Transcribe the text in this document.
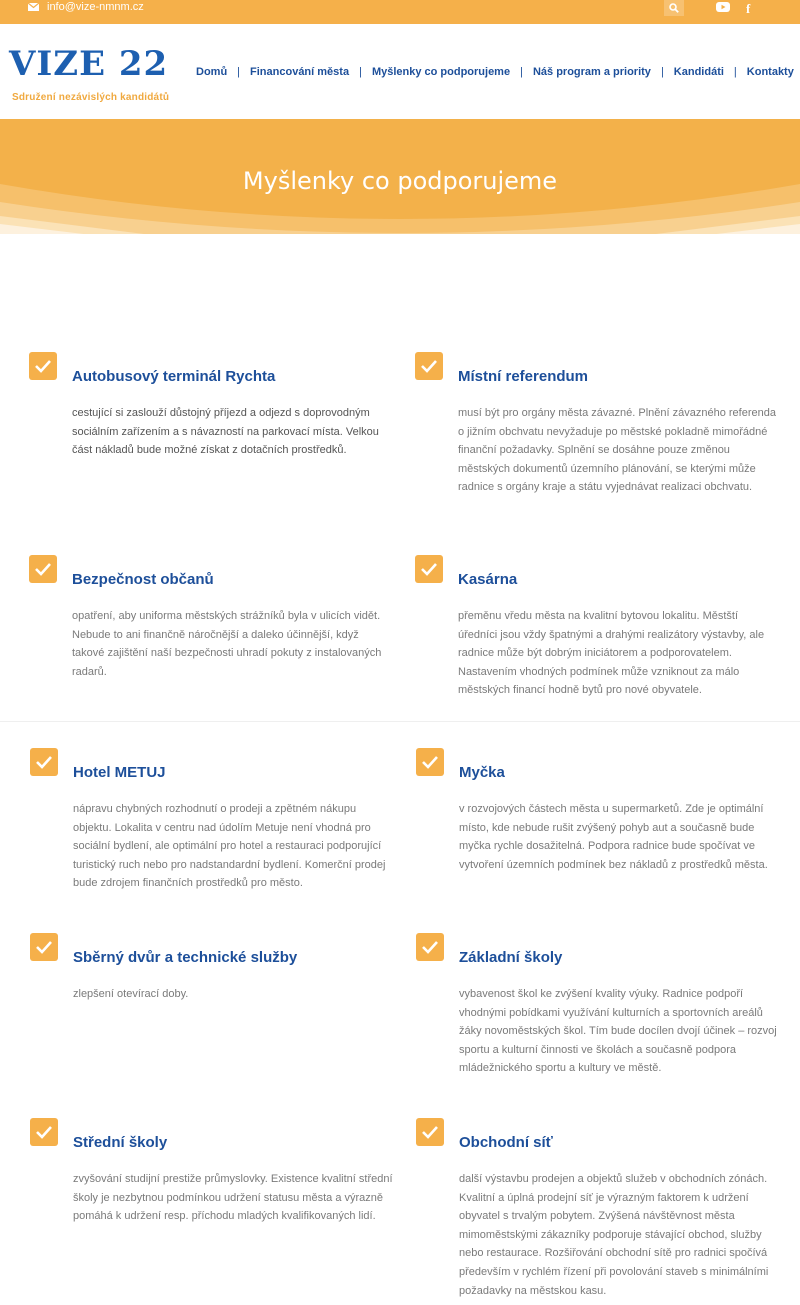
info@vize-nmnm.cz	f
VIZE 22
Sdružení nezávislých kandidátů
Domů | Financování města | Myšlenky co podporujeme | Náš program a priority | Kandidáti | Kontakty
Myšlenky co podporujeme
Autobusový terminál Rychta

cestující si zaslouží důstojný příjezd a odjezd s doprovodným sociálním zařízením a s návazností na parkovací místa. Velkou část nákladů bude možné získat z dotačních prostředků.

Místní referendum

musí být pro orgány města závazné. Plnění závazného referenda o jižním obchvatu nevyžaduje po městské pokladně mimořádné finanční požadavky. Splnění se dosáhne pouze změnou městských dokumentů územního plánování, se kterými může radnice s orgány kraje a státu vyjednávat realizaci obchvatu.

Bezpečnost občanů

opatření, aby uniforma městských strážníků byla v ulicích vidět. Nebude to ani finančně náročnější a daleko účinnější, když takové zajištění naší bezpečnosti uhradí pokuty z instalovaných radarů.

Kasárna

přeměnu vředu města na kvalitní bytovou lokalitu. Městští úředníci jsou vždy špatnými a drahými realizátory výstavby, ale radnice může být dobrým iniciátorem a podporovatelem. Nastavením vhodných podmínek může vzniknout za málo městských financí hodně bytů pro nové obyvatele.

Hotel METUJ

nápravu chybných rozhodnutí o prodeji a zpětném nákupu objektu. Lokalita v centru nad údolím Metuje není vhodná pro sociální bydlení, ale optimální pro hotel a restauraci podporující turistický ruch nebo pro nadstandardní bydlení. Komerční prodej bude zdrojem finančních prostředků pro město.

Myčka

v rozvojových částech města u supermarketů. Zde je optimální místo, kde nebude rušit zvýšený pohyb aut a současně bude myčka rychle dosažitelná. Podpora radnice bude spočívat ve vytvoření územních podmínek bez nákladů z prostředků města.

Sběrný dvůr a technické služby

zlepšení otevírací doby.

Základní školy

vybavenost škol ke zvýšení kvality výuky. Radnice podpoří vhodnými pobídkami využívání kulturních a sportovních areálů žáky novoměstských škol. Tím bude docílen dvojí účinek – rozvoj sportu a kulturní činnosti ve školách a současně podpora mládežnického sportu a kultury ve městě.

Střední školy

zvyšování studijní prestiže průmyslovky. Existence kvalitní střední školy je nezbytnou podmínkou udržení statusu města a výrazně pomáhá k udržení resp. příchodu mladých kvalifikovaných lidí.

Obchodní síť

další výstavbu prodejen a objektů služeb v obchodních zónách. Kvalitní a úplná prodejní síť je výrazným faktorem k udržení obyvatel s trvalým pobytem. Zvýšená návštěvnost města mimoměstskými zákazníky podporuje stávající obchod, služby nebo restaurace. Rozšiřování obchodní sítě pro radnici spočívá především v rychlém řízení při povolování staveb s minimálními požadavky na městskou kasu.
